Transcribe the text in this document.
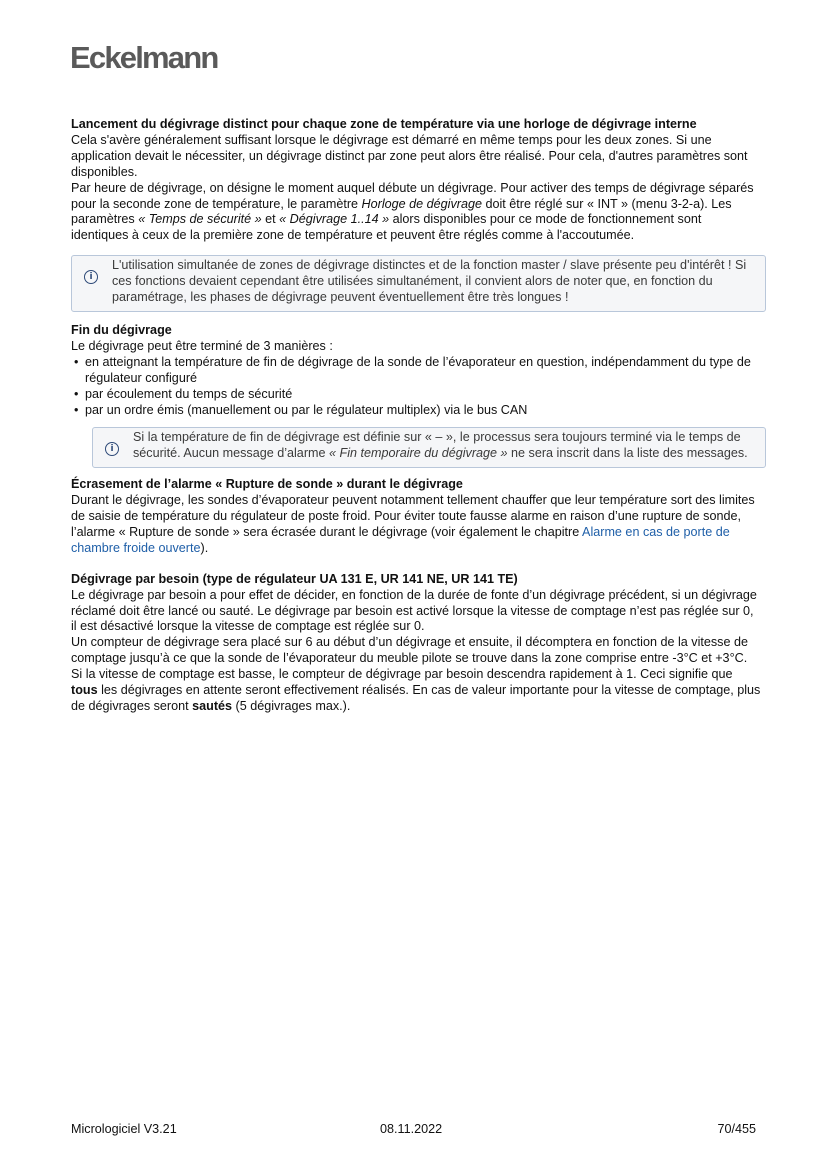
Eckelmann

Lancement du dégivrage distinct pour chaque zone de température via une horloge de dégivrage interne

Cela s'avère généralement suffisant lorsque le dégivrage est démarré en même temps pour les deux zones. Si une application devait le nécessiter, un dégivrage distinct par zone peut alors être réalisé. Pour cela, d'autres paramètres sont disponibles.

Par heure de dégivrage, on désigne le moment auquel débute un dégivrage. Pour activer des temps de dégivrage séparés pour la seconde zone de température, le paramètre Horloge de dégivrage doit être réglé sur « INT » (menu 3-2-a). Les paramètres « Temps de sécurité » et « Dégivrage 1..14 » alors disponibles pour ce mode de fonctionnement sont identiques à ceux de la première zone de température et peuvent être réglés comme à l'accoutumée.

i

L'utilisation simultanée de zones de dégivrage distinctes et de la fonction master / slave présente peu d'intérêt ! Si ces fonctions devaient cependant être utilisées simultanément, il convient alors de noter que, en fonction du paramétrage, les phases de dégivrage peuvent éventuellement être très longues !

Fin du dégivrage

Le dégivrage peut être terminé de 3 manières :

• en atteignant la température de fin de dégivrage de la sonde de l’évaporateur en question, indépendamment du type de régulateur configuré
• par écoulement du temps de sécurité
• par un ordre émis (manuellement ou par le régulateur multiplex) via le bus CAN
i

Si la température de fin de dégivrage est définie sur « – », le processus sera toujours terminé via le temps de sécurité. Aucun message d’alarme « Fin temporaire du dégivrage » ne sera inscrit dans la liste des messages.

Écrasement de l’alarme « Rupture de sonde » durant le dégivrage

Durant le dégivrage, les sondes d’évaporateur peuvent notamment tellement chauffer que leur température sort des limites de saisie de température du régulateur de poste froid. Pour éviter toute fausse alarme en raison d’une rupture de sonde, l’alarme « Rupture de sonde » sera écrasée durant le dégivrage (voir également le chapitre Alarme en cas de porte de chambre froide ouverte).

Dégivrage par besoin (type de régulateur UA 131 E, UR 141 NE, UR 141 TE)

Le dégivrage par besoin a pour effet de décider, en fonction de la durée de fonte d’un dégivrage précédent, si un dégivrage réclamé doit être lancé ou sauté. Le dégivrage par besoin est activé lorsque la vitesse de comptage n’est pas réglée sur 0, il est désactivé lorsque la vitesse de comptage est réglée sur 0.

Un compteur de dégivrage sera placé sur 6 au début d’un dégivrage et ensuite, il décomptera en fonction de la vitesse de comptage jusqu’à ce que la sonde de l’évaporateur du meuble pilote se trouve dans la zone comprise entre -3°C et +3°C.

Si la vitesse de comptage est basse, le compteur de dégivrage par besoin descendra rapidement à 1. Ceci signifie que tous les dégivrages en attente seront effectivement réalisés. En cas de valeur importante pour la vitesse de comptage, plus de dégivrages seront sautés (5 dégivrages max.).

Micrologiciel V3.21	08.11.2022	70/455
